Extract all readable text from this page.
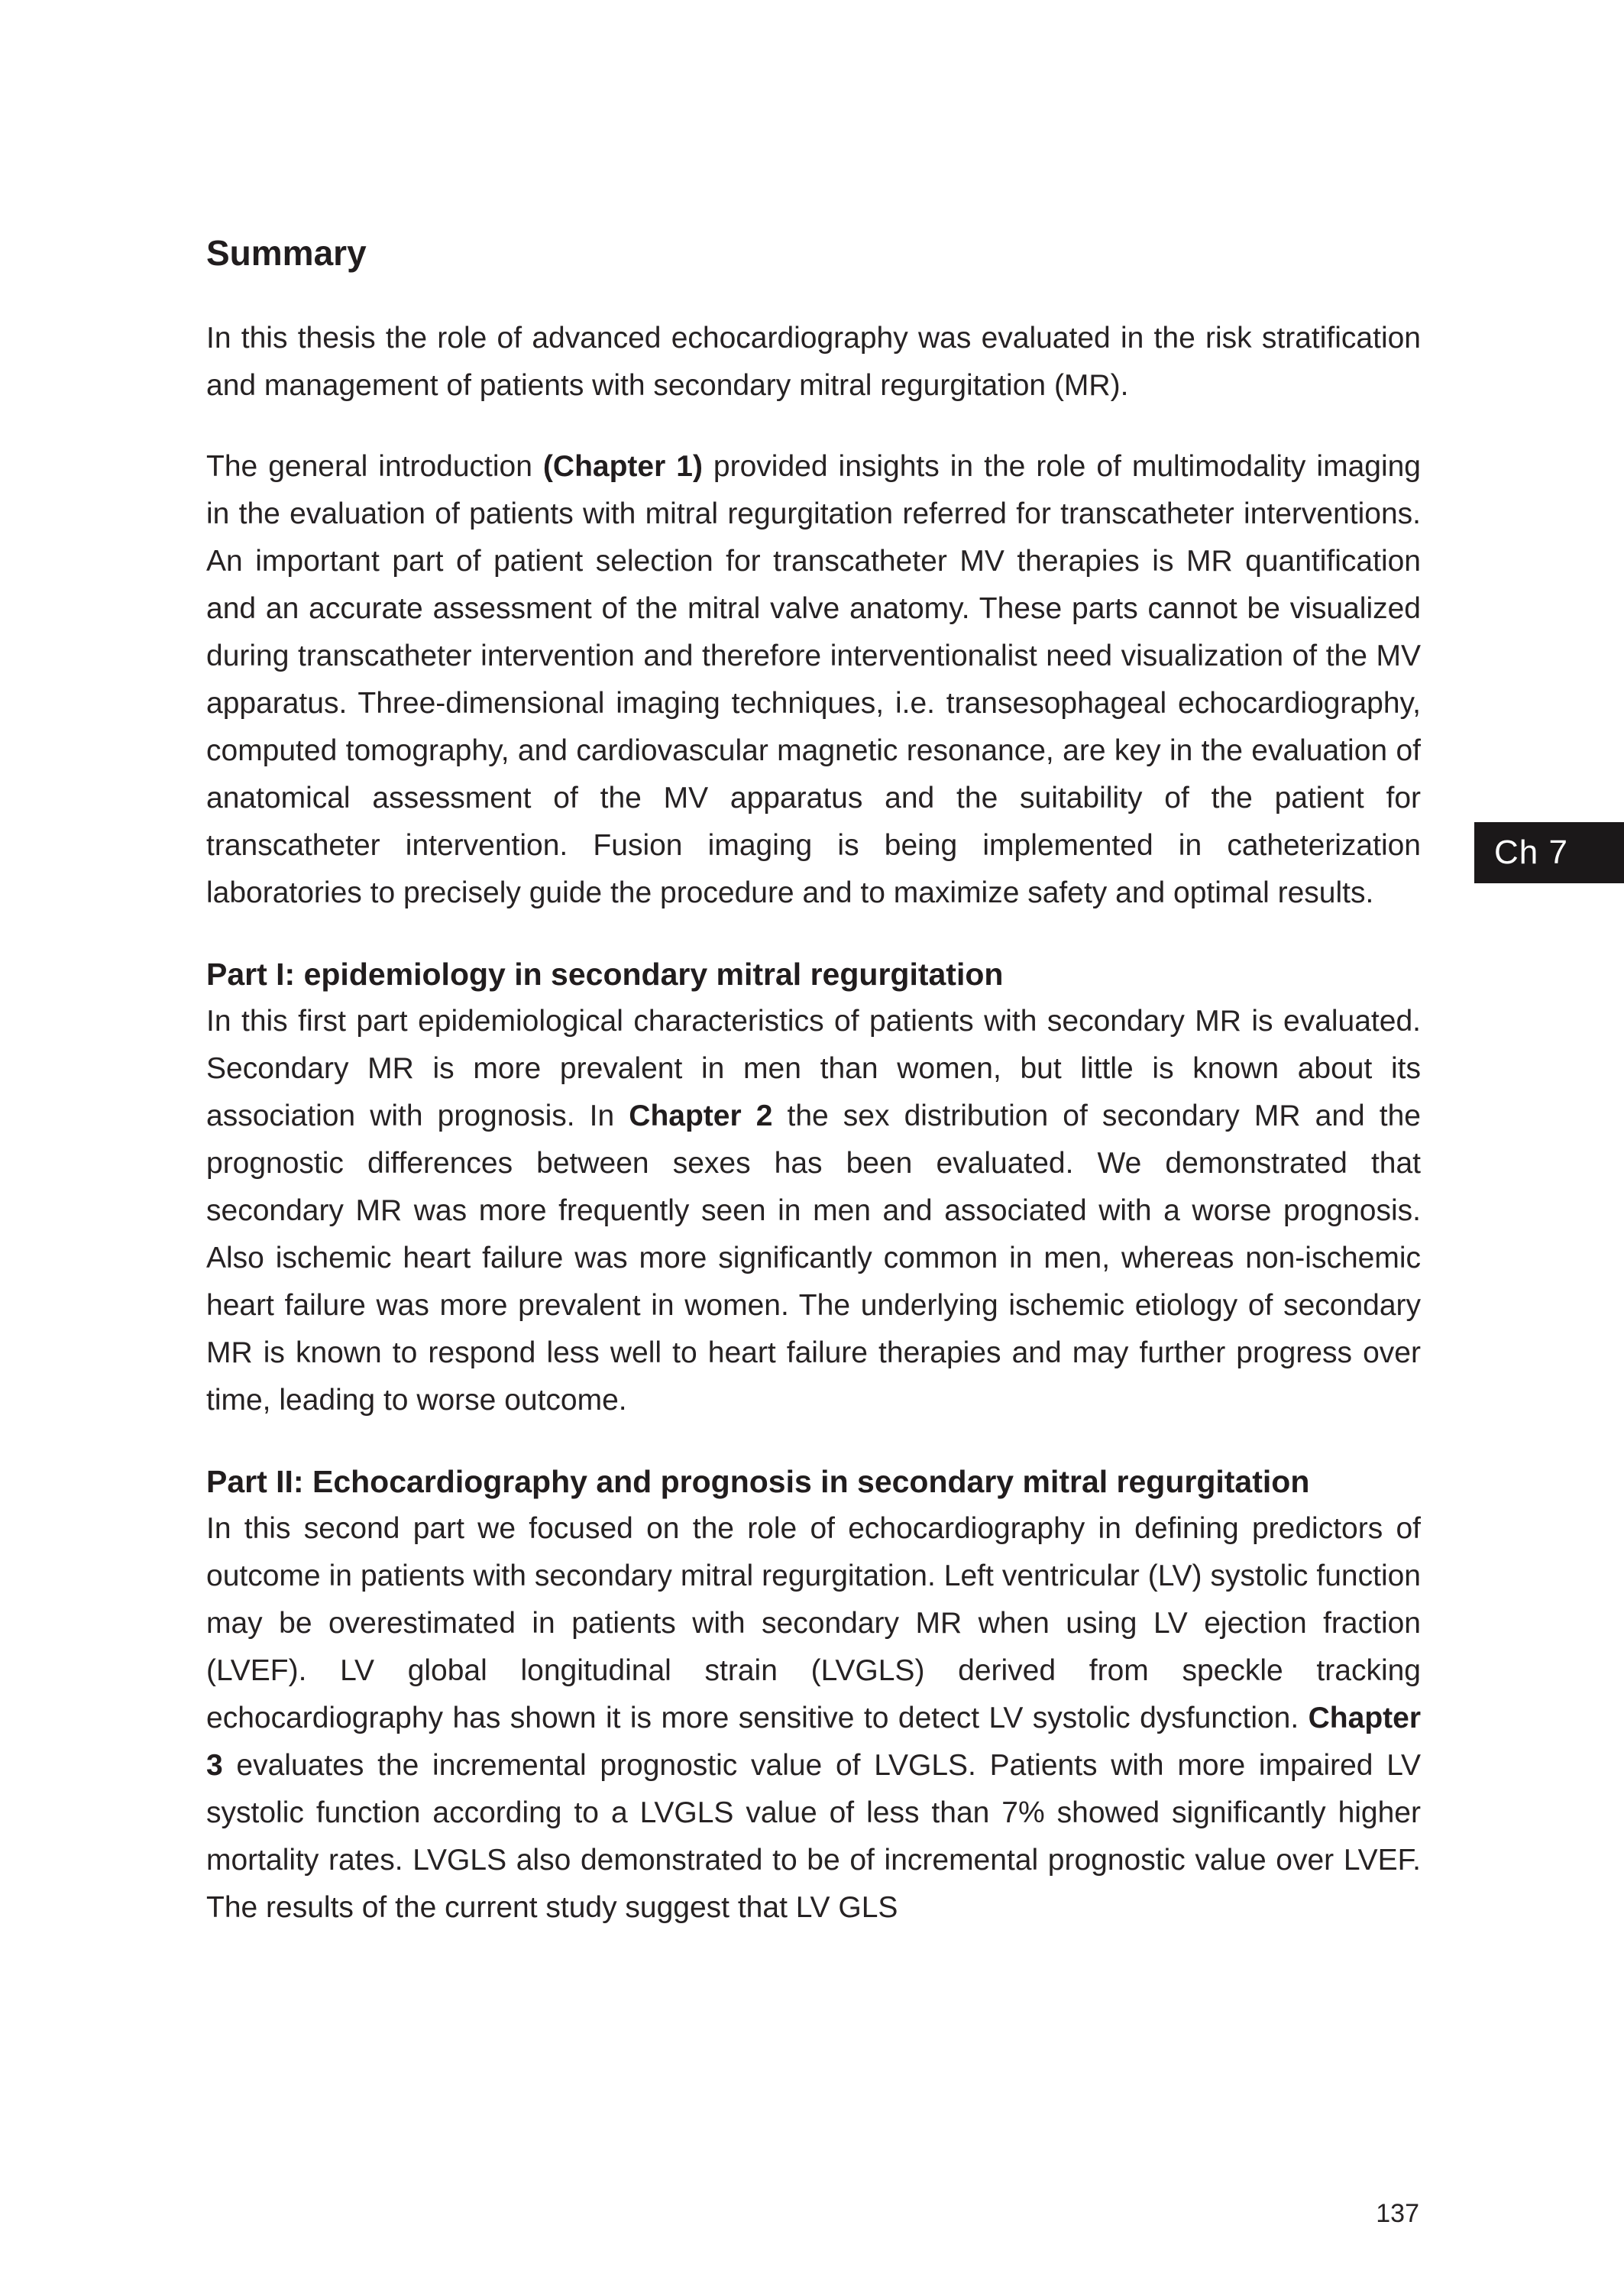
Summary

In this thesis the role of advanced echocardiography was evaluated in the risk stratification and management of patients with secondary mitral regurgitation (MR).

The general introduction (Chapter 1) provided insights in the role of multimodality imaging in the evaluation of patients with mitral regurgitation referred for transcatheter interventions. An important part of patient selection for transcatheter MV therapies is MR quantification and an accurate assessment of the mitral valve anatomy. These parts cannot be visualized during transcatheter intervention and therefore interventionalist need visualization of the MV apparatus. Three-dimensional imaging techniques, i.e. transesophageal echocardiography, computed tomography, and cardiovascular magnetic resonance, are key in the evaluation of anatomical assessment of the MV apparatus and the suitability of the patient for transcatheter intervention. Fusion imaging is being implemented in catheterization laboratories to precisely guide the procedure and to maximize safety and optimal results.

Part I: epidemiology in secondary mitral regurgitation

In this first part epidemiological characteristics of patients with secondary MR is evaluated. Secondary MR is more prevalent in men than women, but little is known about its association with prognosis. In Chapter 2 the sex distribution of secondary MR and the prognostic differences between sexes has been evaluated. We demonstrated that secondary MR was more frequently seen in men and associated with a worse prognosis. Also ischemic heart failure was more significantly common in men, whereas non-ischemic heart failure was more prevalent in women. The underlying ischemic etiology of secondary MR is known to respond less well to heart failure therapies and may further progress over time, leading to worse outcome.

Part II: Echocardiography and prognosis in secondary mitral regurgitation

In this second part we focused on the role of echocardiography in defining predictors of outcome in patients with secondary mitral regurgitation. Left ventricular (LV) systolic function may be overestimated in patients with secondary MR when using LV ejection fraction (LVEF). LV global longitudinal strain (LVGLS) derived from speckle tracking echocardiography has shown it is more sensitive to detect LV systolic dysfunction. Chapter 3 evaluates the incremental prognostic value of LVGLS. Patients with more impaired LV systolic function according to a LVGLS value of less than 7% showed significantly higher mortality rates. LVGLS also demonstrated to be of incremental prognostic value over LVEF. The results of the current study suggest that LV GLS

Ch 7
137
